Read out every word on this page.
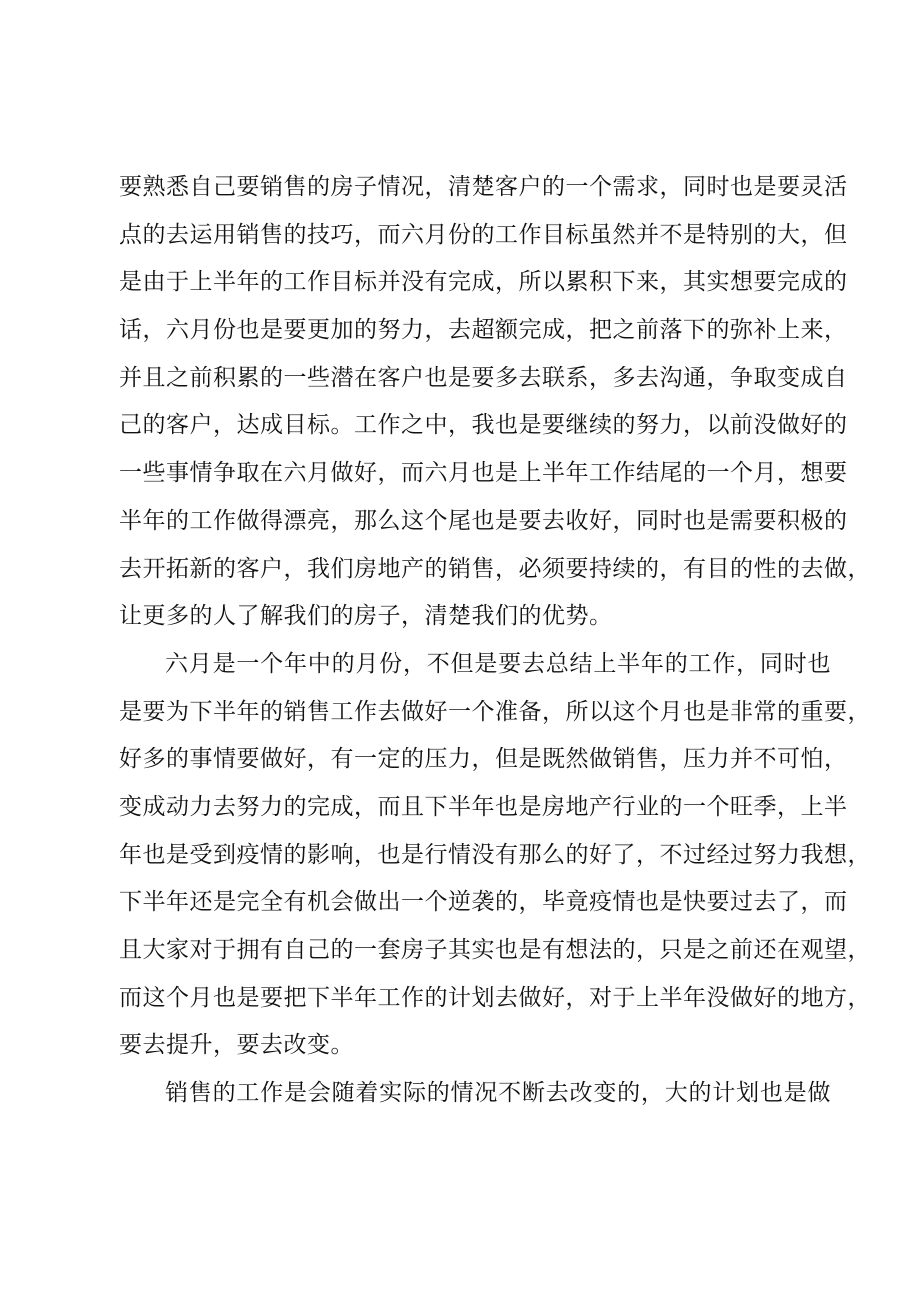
要熟悉自己要销售的房子情况，清楚客户的一个需求，同时也是要灵活
点的去运用销售的技巧，而六月份的工作目标虽然并不是特别的大，但
是由于上半年的工作目标并没有完成，所以累积下来，其实想要完成的
话，六月份也是要更加的努力，去超额完成，把之前落下的弥补上来，
并且之前积累的一些潜在客户也是要多去联系，多去沟通，争取变成自
己的客户，达成目标。工作之中，我也是要继续的努力，以前没做好的
一些事情争取在六月做好，而六月也是上半年工作结尾的一个月，想要
半年的工作做得漂亮，那么这个尾也是要去收好，同时也是需要积极的
去开拓新的客户，我们房地产的销售，必须要持续的，有目的性的去做，
让更多的人了解我们的房子，清楚我们的优势。
六月是一个年中的月份，不但是要去总结上半年的工作，同时也
是要为下半年的销售工作去做好一个准备，所以这个月也是非常的重要，
好多的事情要做好，有一定的压力，但是既然做销售，压力并不可怕，
变成动力去努力的完成，而且下半年也是房地产行业的一个旺季，上半
年也是受到疫情的影响，也是行情没有那么的好了，不过经过努力我想，
下半年还是完全有机会做出一个逆袭的，毕竟疫情也是快要过去了，而
且大家对于拥有自己的一套房子其实也是有想法的，只是之前还在观望，
而这个月也是要把下半年工作的计划去做好，对于上半年没做好的地方，
要去提升，要去改变。
销售的工作是会随着实际的情况不断去改变的，大的计划也是做
